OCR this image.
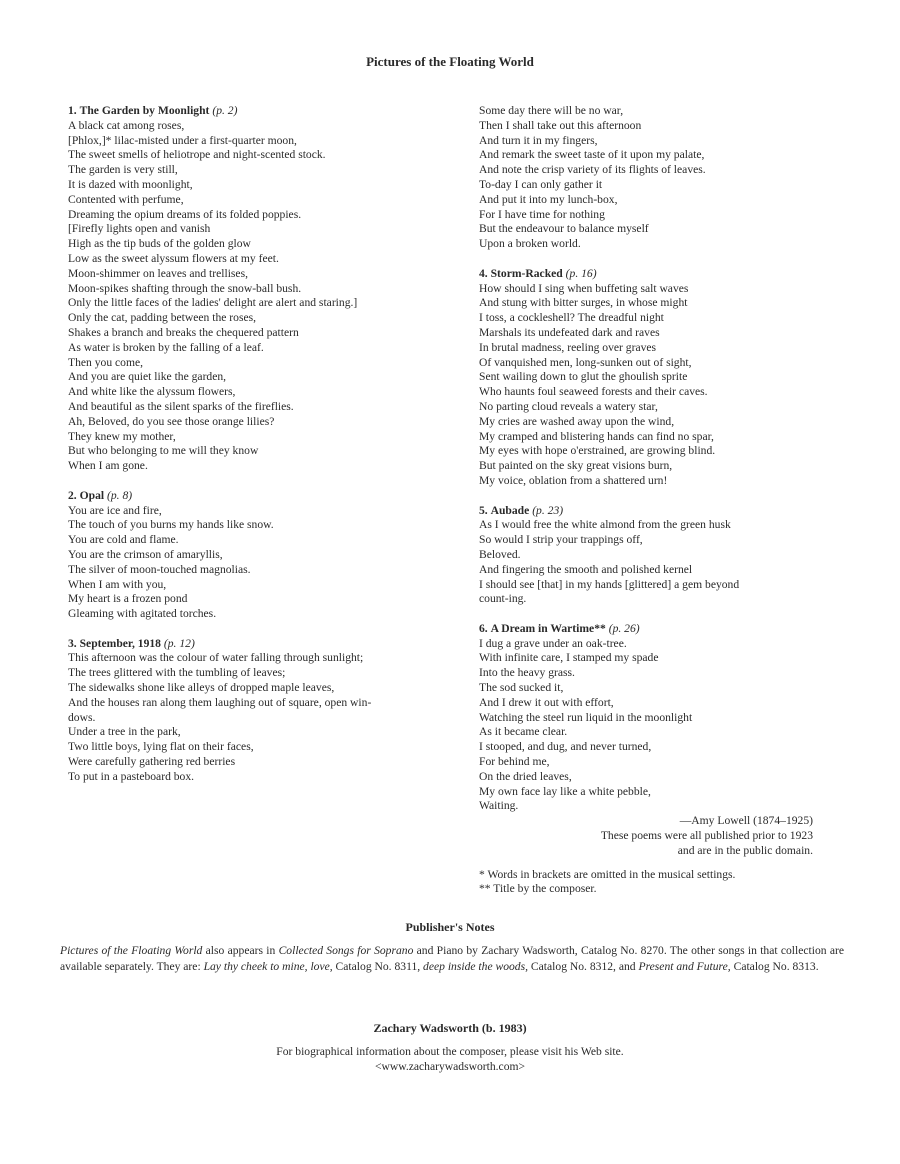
Pictures of the Floating World
1. The Garden by Moonlight (p. 2)
A black cat among roses,
[Phlox,]* lilac-misted under a first-quarter moon,
The sweet smells of heliotrope and night-scented stock.
The garden is very still,
It is dazed with moonlight,
Contented with perfume,
Dreaming the opium dreams of its folded poppies.
[Firefly lights open and vanish
High as the tip buds of the golden glow
Low as the sweet alyssum flowers at my feet.
Moon-shimmer on leaves and trellises,
Moon-spikes shafting through the snow-ball bush.
Only the little faces of the ladies' delight are alert and staring.]
Only the cat, padding between the roses,
Shakes a branch and breaks the chequered pattern
As water is broken by the falling of a leaf.
Then you come,
And you are quiet like the garden,
And white like the alyssum flowers,
And beautiful as the silent sparks of the fireflies.
Ah, Beloved, do you see those orange lilies?
They knew my mother,
But who belonging to me will they know
When I am gone.
2. Opal (p. 8)
You are ice and fire,
The touch of you burns my hands like snow.
You are cold and flame.
You are the crimson of amaryllis,
The silver of moon-touched magnolias.
When I am with you,
My heart is a frozen pond
Gleaming with agitated torches.
3. September, 1918 (p. 12)
This afternoon was the colour of water falling through sunlight;
The trees glittered with the tumbling of leaves;
The sidewalks shone like alleys of dropped maple leaves,
And the houses ran along them laughing out of square, open win-
dows.
Under a tree in the park,
Two little boys, lying flat on their faces,
Were carefully gathering red berries
To put in a pasteboard box.
Some day there will be no war,
Then I shall take out this afternoon
And turn it in my fingers,
And remark the sweet taste of it upon my palate,
And note the crisp variety of its flights of leaves.
To-day I can only gather it
And put it into my lunch-box,
For I have time for nothing
But the endeavour to balance myself
Upon a broken world.
4. Storm-Racked (p. 16)
How should I sing when buffeting salt waves
And stung with bitter surges, in whose might
I toss, a cockleshell? The dreadful night
Marshals its undefeated dark and raves
In brutal madness, reeling over graves
Of vanquished men, long-sunken out of sight,
Sent wailing down to glut the ghoulish sprite
Who haunts foul seaweed forests and their caves.
No parting cloud reveals a watery star,
My cries are washed away upon the wind,
My cramped and blistering hands can find no spar,
My eyes with hope o'erstrained, are growing blind.
But painted on the sky great visions burn,
My voice, oblation from a shattered urn!
5. Aubade (p. 23)
As I would free the white almond from the green husk
So would I strip your trappings off,
Beloved.
And fingering the smooth and polished kernel
I should see [that] in my hands [glittered] a gem beyond
count-ing.
6. A Dream in Wartime** (p. 26)
I dug a grave under an oak-tree.
With infinite care, I stamped my spade
Into the heavy grass.
The sod sucked it,
And I drew it out with effort,
Watching the steel run liquid in the moonlight
As it became clear.
I stooped, and dug, and never turned,
For behind me,
On the dried leaves,
My own face lay like a white pebble,
Waiting.
—Amy Lowell (1874–1925)
These poems were all published prior to 1923
and are in the public domain.
* Words in brackets are omitted in the musical settings.
** Title by the composer.
Publisher's Notes
Pictures of the Floating World also appears in Collected Songs for Soprano and Piano by Zachary Wadsworth, Catalog No. 8270. The other songs in that collection are available separately. They are: Lay thy cheek to mine, love, Catalog No. 8311, deep inside the woods, Catalog No. 8312, and Present and Future, Catalog No. 8313.
Zachary Wadsworth (b. 1983)
For biographical information about the composer, please visit his Web site.
<www.zacharywadsworth.com>
